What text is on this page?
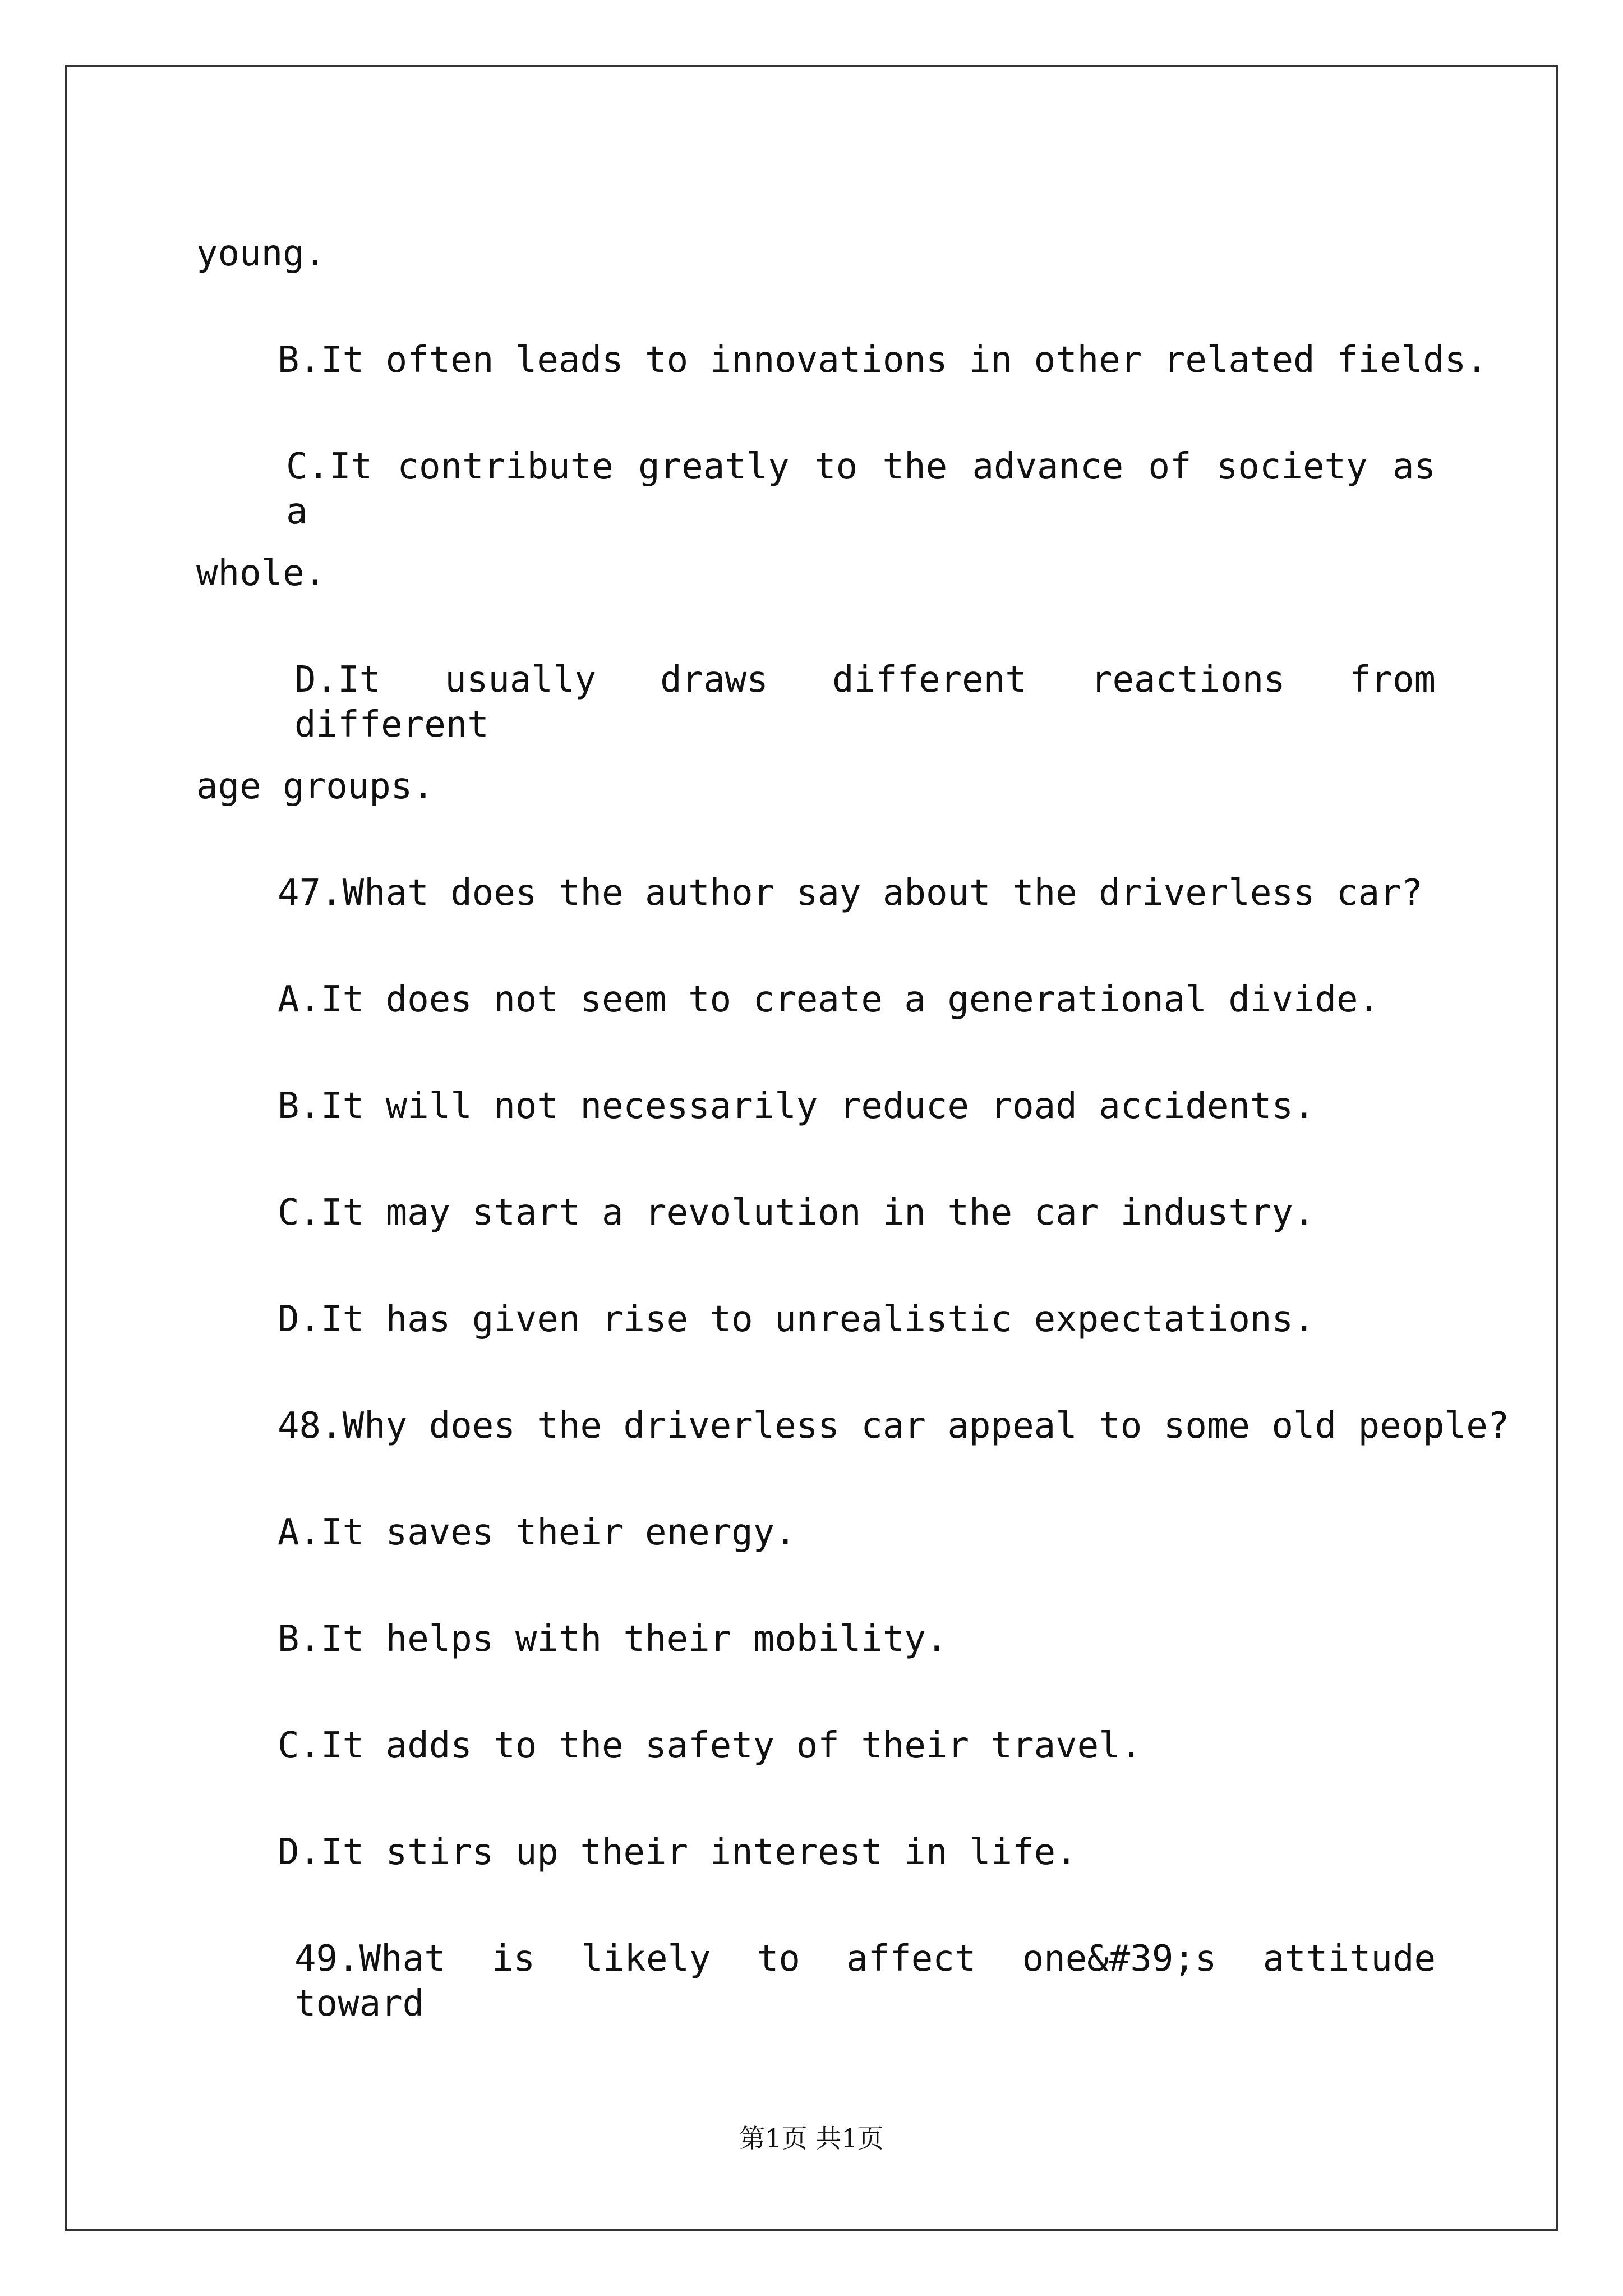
young.
B.It often leads to innovations in other related fields.
C.It contribute greatly to the advance of society as a
whole.
D.It usually draws different reactions from different
age groups.
47.What does the author say about the driverless car?
A.It does not seem to create a generational divide.
B.It will not necessarily reduce road accidents.
C.It may start a revolution in the car industry.
D.It has given rise to unrealistic expectations.
48.Why does the driverless car appeal to some old people?
A.It saves their energy.
B.It helps with their mobility.
C.It adds to the safety of their travel.
D.It stirs up their interest in life.
49.What is likely to affect one&#39;s attitude toward
第1页 共1页
